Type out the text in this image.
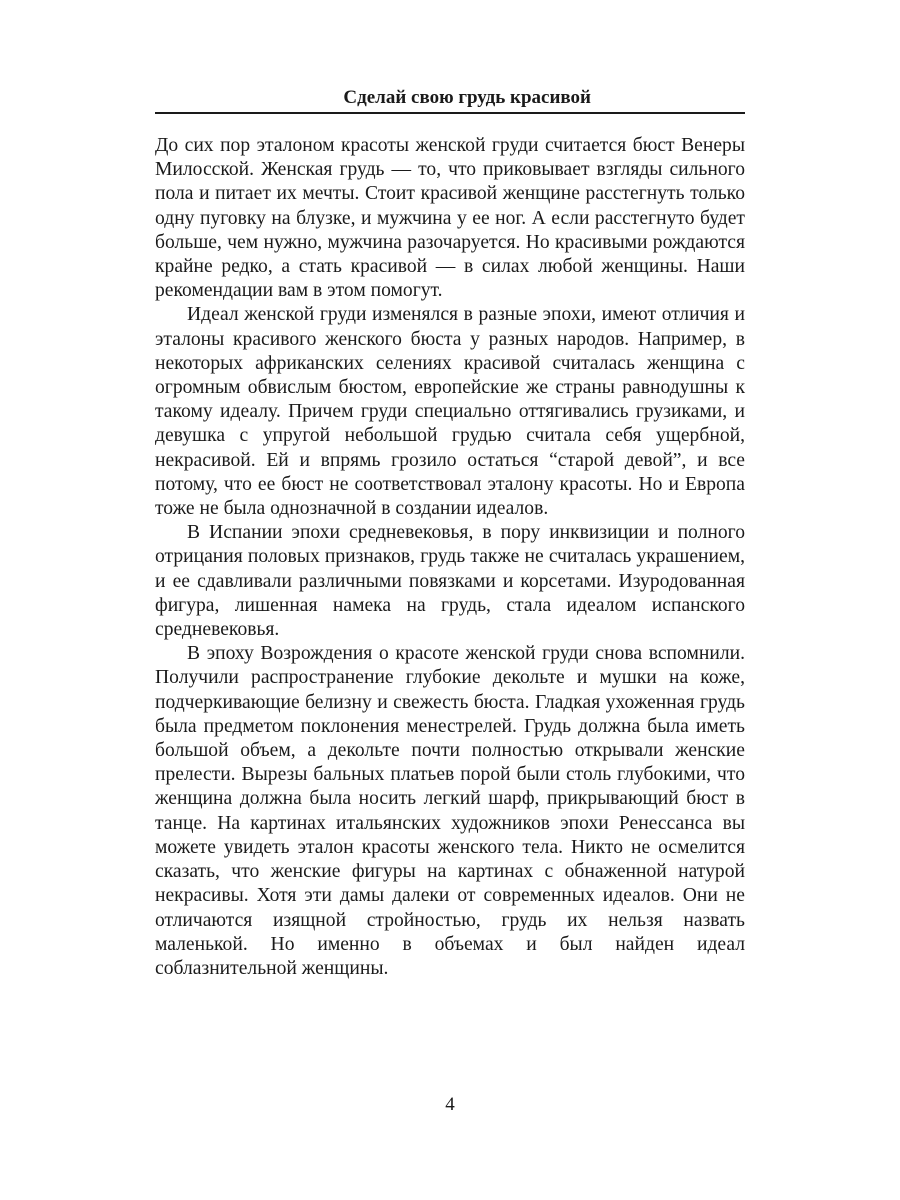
Сделай свою грудь красивой

До сих пор эталоном красоты женской груди считается бюст Венеры Милосской. Женская грудь — то, что приковывает взгляды сильного пола и питает их мечты. Стоит красивой женщине расстегнуть только одну пуговку на блузке, и мужчина у ее ног. А если расстегнуто будет больше, чем нужно, мужчина разочаруется. Но красивыми рождаются крайне редко, а стать красивой — в силах любой женщины. Наши рекомендации вам в этом помогут.

Идеал женской груди изменялся в разные эпохи, имеют отличия и эталоны красивого женского бюста у разных народов. Например, в некоторых африканских селениях красивой считалась женщина с огромным обвислым бюстом, европейские же страны равнодушны к такому идеалу. Причем груди специально оттягивались грузиками, и девушка с упругой небольшой грудью считала себя ущербной, некрасивой. Ей и впрямь грозило остаться “старой девой”, и все потому, что ее бюст не соответствовал эталону красоты. Но и Европа тоже не была однозначной в создании идеалов.

В Испании эпохи средневековья, в пору инквизиции и полного отрицания половых признаков, грудь также не считалась украшением, и ее сдавливали различными повязками и корсетами. Изуродованная фигура, лишенная намека на грудь, стала идеалом испанского средневековья.

В эпоху Возрождения о красоте женской груди снова вспомнили. Получили распространение глубокие декольте и мушки на коже, подчеркивающие белизну и свежесть бюста. Гладкая ухоженная грудь была предметом поклонения менестрелей. Грудь должна была иметь большой объем, а декольте почти полностью открывали женские прелести. Вырезы бальных платьев порой были столь глубокими, что женщина должна была носить легкий шарф, прикрывающий бюст в танце. На картинах итальянских художников эпохи Ренессанса вы можете увидеть эталон красоты женского тела. Никто не осмелится сказать, что женские фигуры на картинах с обнаженной натурой некрасивы. Хотя эти дамы далеки от современных идеалов. Они не отличаются изящной стройностью, грудь их нельзя назвать маленькой. Но именно в объемах и был найден идеал соблазнительной женщины.

4
